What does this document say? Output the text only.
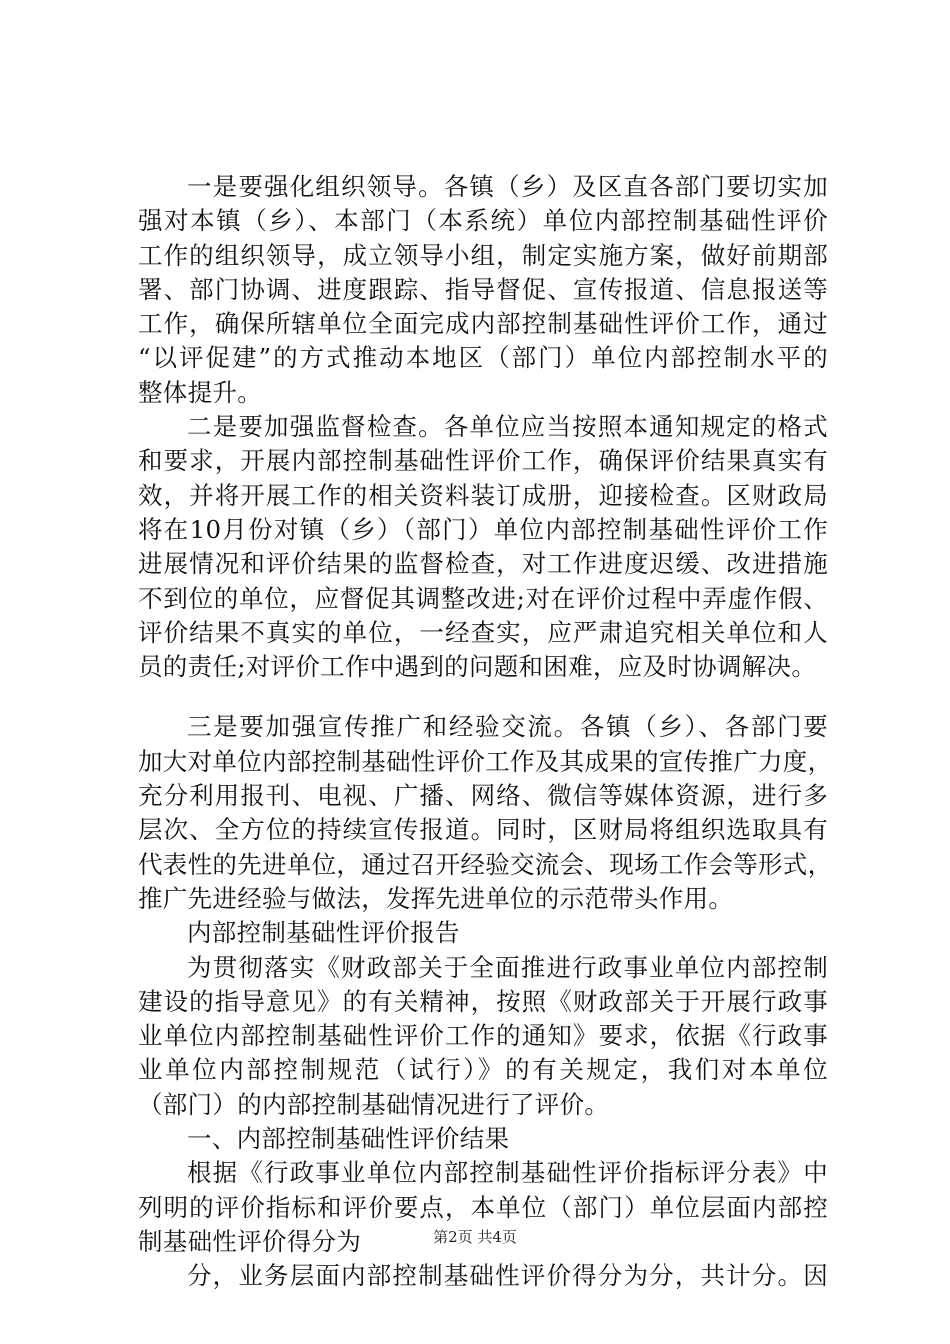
一是要强化组织领导。各镇（乡）及区直各部门要切实加
强对本镇（乡）、本部门（本系统）单位内部控制基础性评价
工作的组织领导，成立领导小组，制定实施方案，做好前期部
署、部门协调、进度跟踪、指导督促、宣传报道、信息报送等
工作，确保所辖单位全面完成内部控制基础性评价工作，通过
“以评促建”的方式推动本地区（部门）单位内部控制水平的
整体提升。
二是要加强监督检查。各单位应当按照本通知规定的格式
和要求，开展内部控制基础性评价工作，确保评价结果真实有
效，并将开展工作的相关资料装订成册，迎接检查。区财政局
将在10月份对镇（乡）（部门）单位内部控制基础性评价工作
进展情况和评价结果的监督检查，对工作进度迟缓、改进措施
不到位的单位，应督促其调整改进;对在评价过程中弄虚作假、
评价结果不真实的单位，一经查实，应严肃追究相关单位和人
员的责任;对评价工作中遇到的问题和困难，应及时协调解决。
三是要加强宣传推广和经验交流。各镇（乡）、各部门要
加大对单位内部控制基础性评价工作及其成果的宣传推广力度，
充分利用报刊、电视、广播、网络、微信等媒体资源，进行多
层次、全方位的持续宣传报道。同时，区财局将组织选取具有
代表性的先进单位，通过召开经验交流会、现场工作会等形式，
推广先进经验与做法，发挥先进单位的示范带头作用。
内部控制基础性评价报告
为贯彻落实《财政部关于全面推进行政事业单位内部控制
建设的指导意见》的有关精神，按照《财政部关于开展行政事
业单位内部控制基础性评价工作的通知》要求，依据《行政事
业单位内部控制规范（试行）》的有关规定，我们对本单位
（部门）的内部控制基础情况进行了评价。
一、内部控制基础性评价结果
根据《行政事业单位内部控制基础性评价指标评分表》中
列明的评价指标和评价要点，本单位（部门）单位层面内部控
制基础性评价得分为
分，业务层面内部控制基础性评价得分为分，共计分。因
第2页 共4页
